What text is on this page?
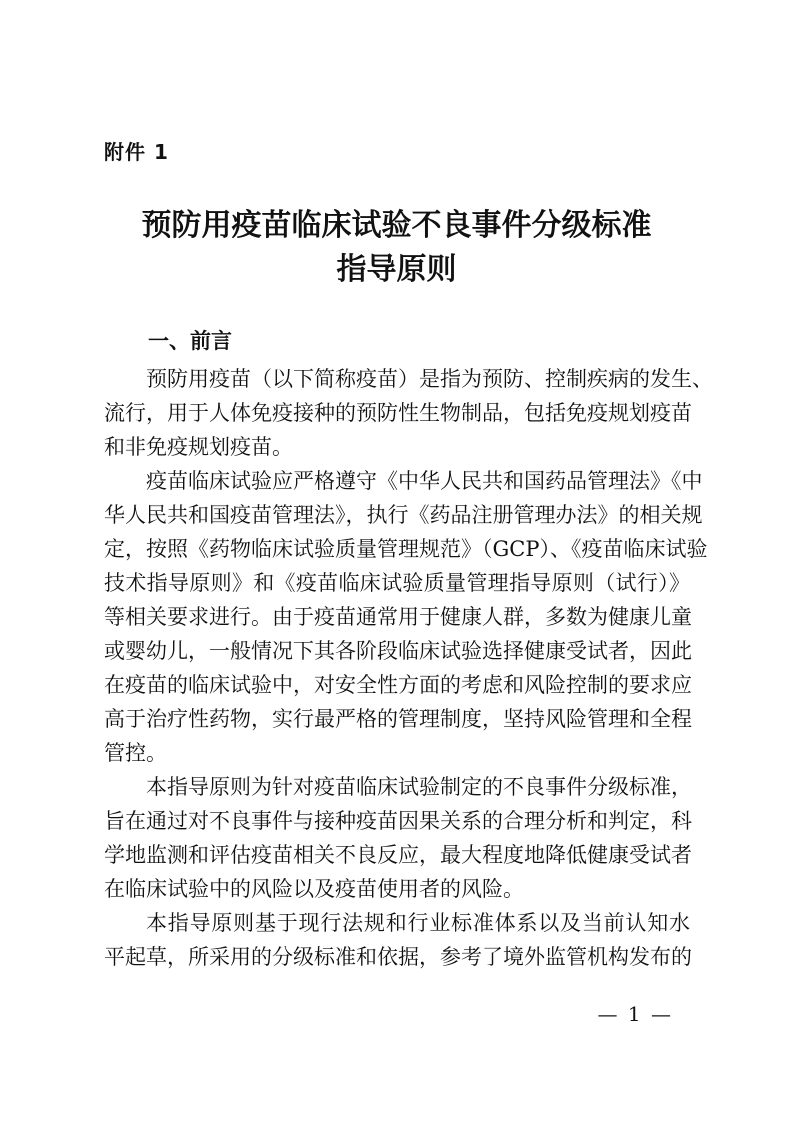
附件 1
预防用疫苗临床试验不良事件分级标准
指导原则
一、前言
预防用疫苗（以下简称疫苗）是指为预防、控制疾病的发生、
流行，用于人体免疫接种的预防性生物制品，包括免疫规划疫苗
和非免疫规划疫苗。
疫苗临床试验应严格遵守《中华人民共和国药品管理法》《中
华人民共和国疫苗管理法》，执行《药品注册管理办法》的相关规
定，按照《药物临床试验质量管理规范》（GCP）、《疫苗临床试验
技术指导原则》和《疫苗临床试验质量管理指导原则（试行）》
等相关要求进行。由于疫苗通常用于健康人群，多数为健康儿童
或婴幼儿，一般情况下其各阶段临床试验选择健康受试者，因此
在疫苗的临床试验中，对安全性方面的考虑和风险控制的要求应
高于治疗性药物，实行最严格的管理制度，坚持风险管理和全程
管控。
本指导原则为针对疫苗临床试验制定的不良事件分级标准，
旨在通过对不良事件与接种疫苗因果关系的合理分析和判定，科
学地监测和评估疫苗相关不良反应，最大程度地降低健康受试者
在临床试验中的风险以及疫苗使用者的风险。
本指导原则基于现行法规和行业标准体系以及当前认知水
平起草，所采用的分级标准和依据，参考了境外监管机构发布的
— 1 —
